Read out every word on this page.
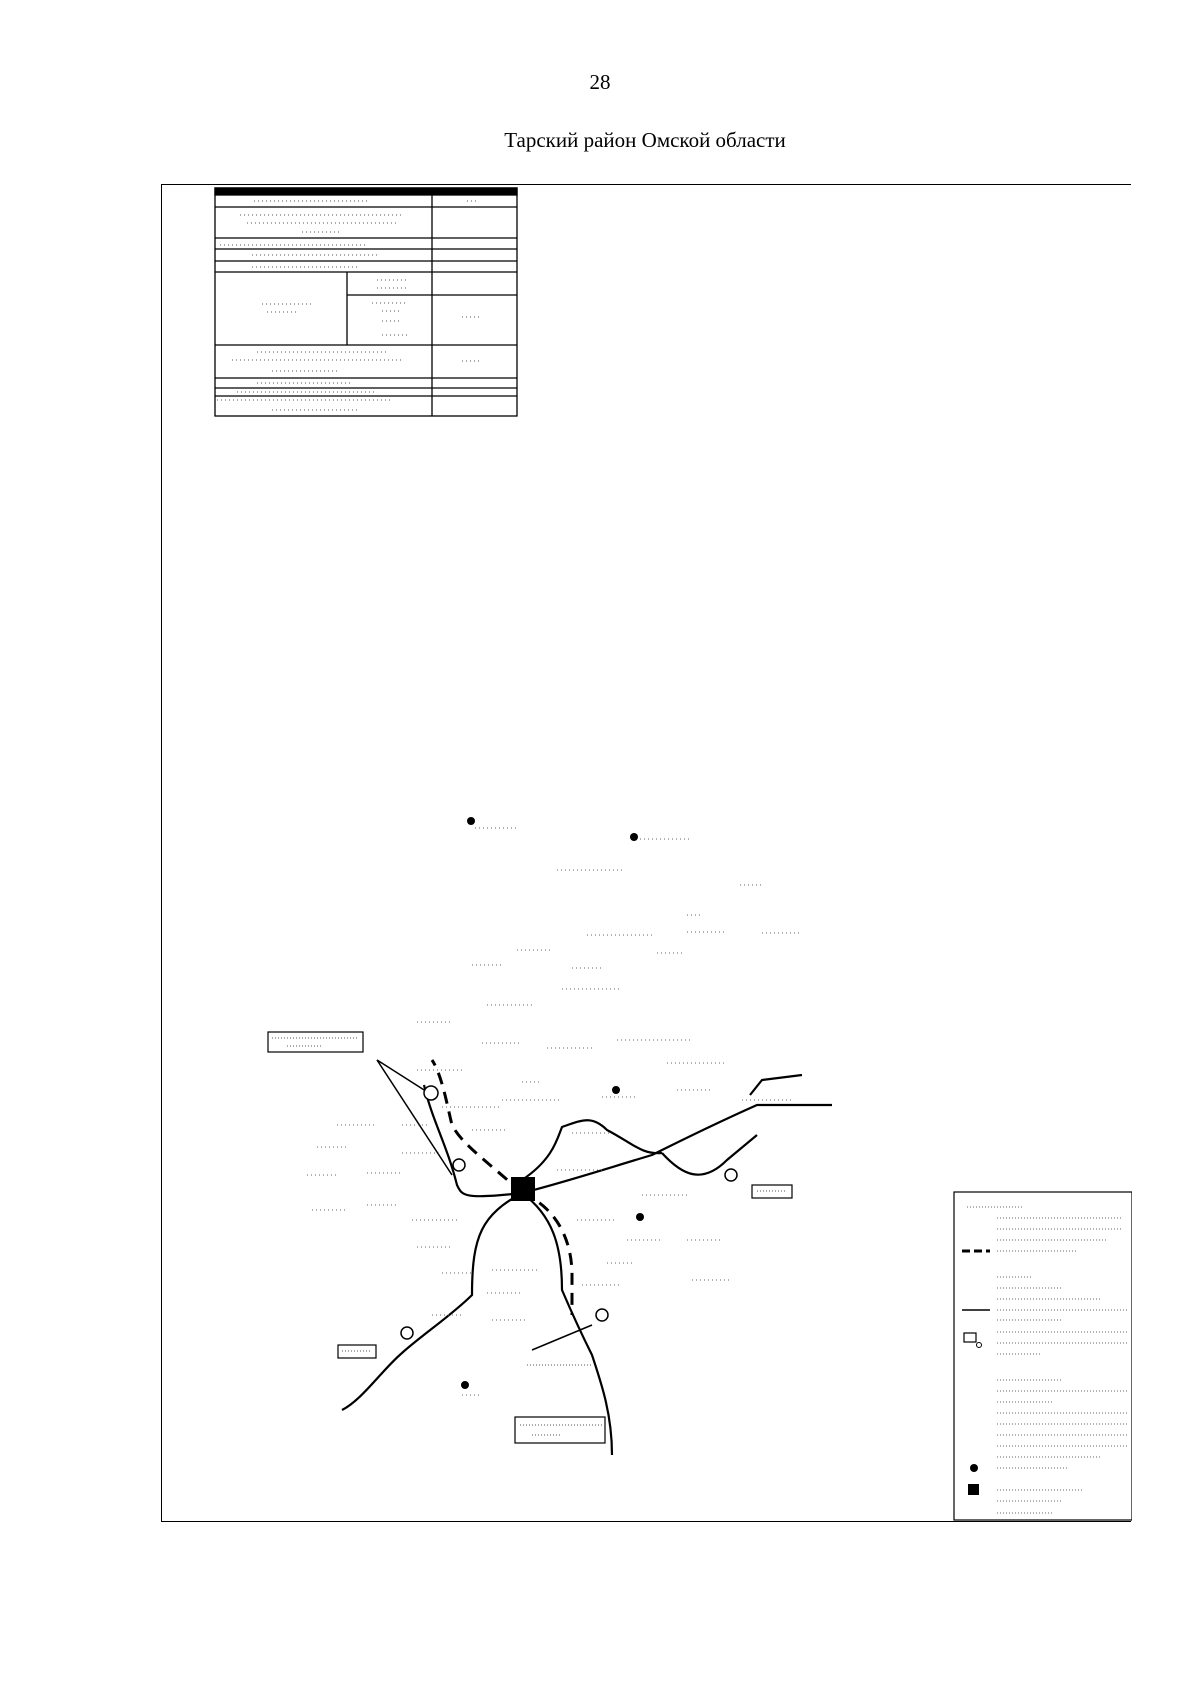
28
Тарский район Омской области
